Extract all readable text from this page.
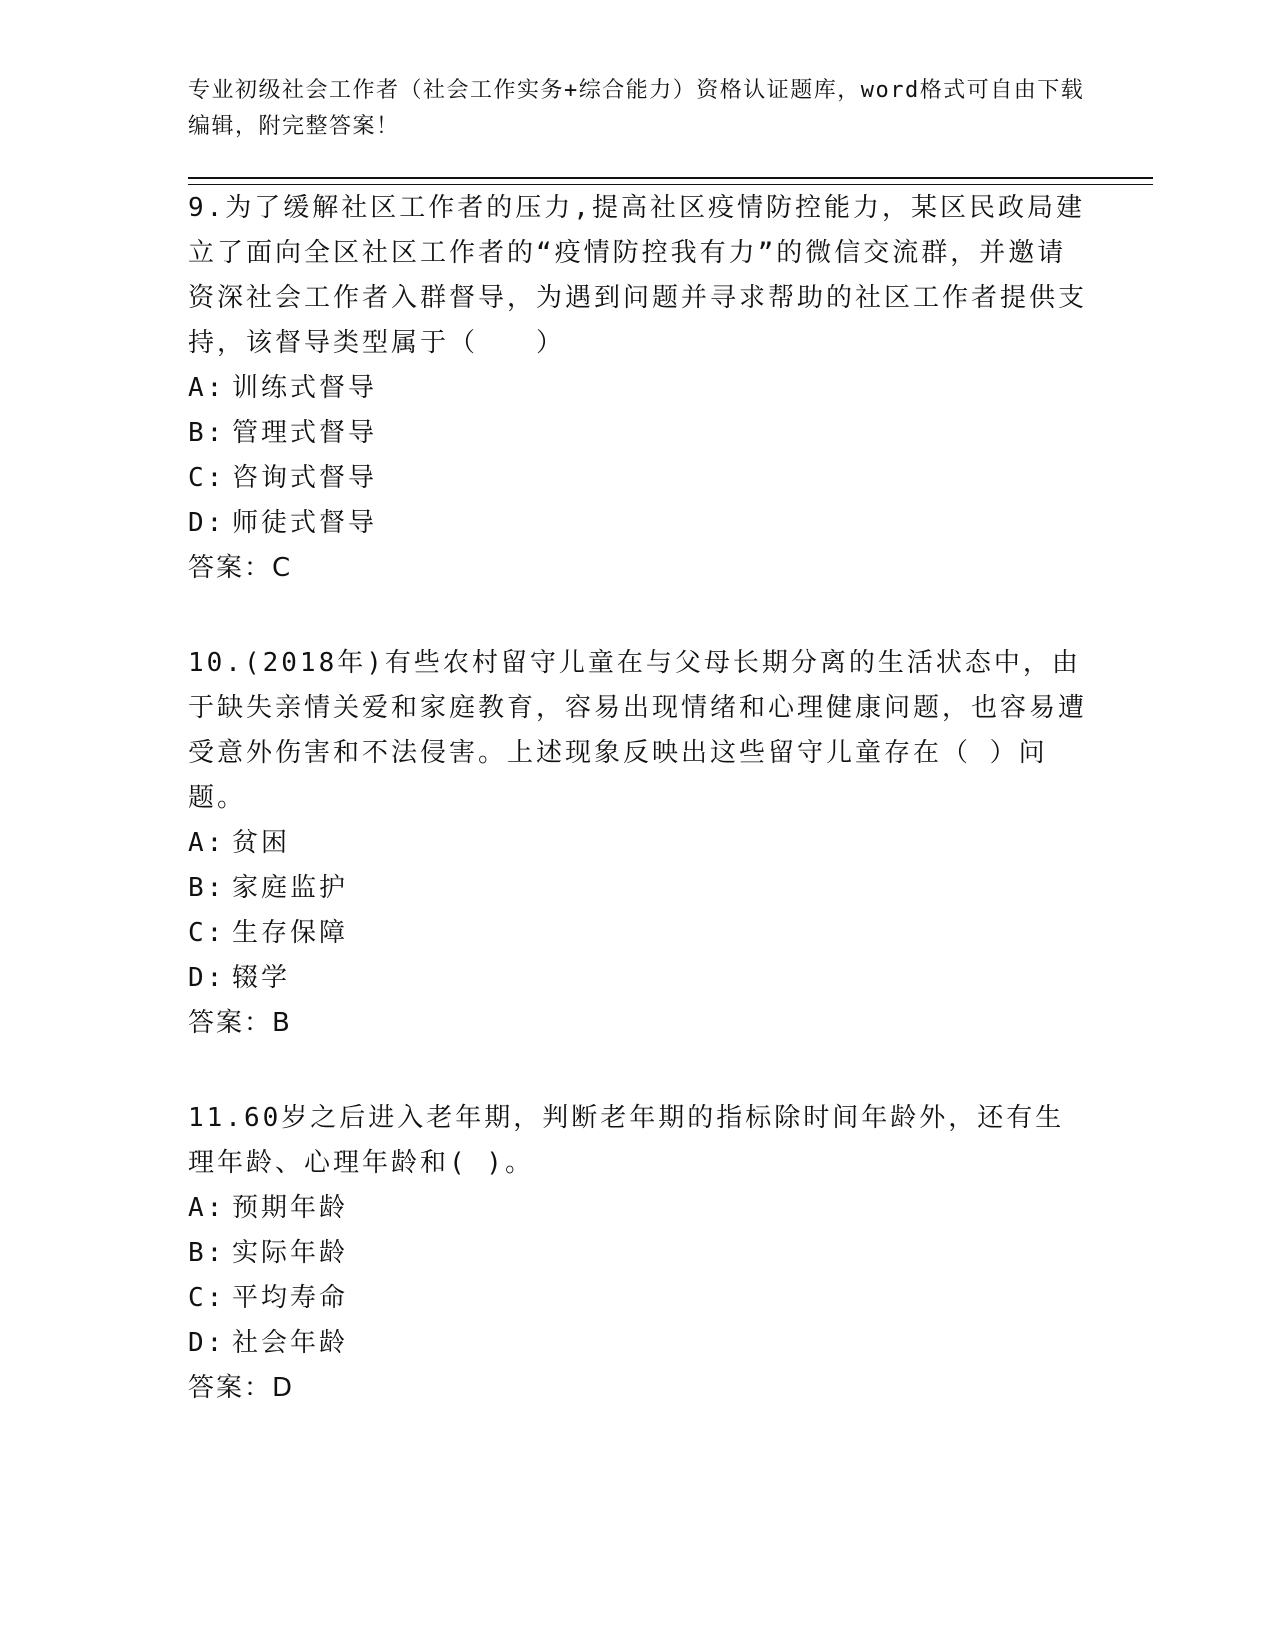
专业初级社会工作者（社会工作实务+综合能力）资格认证题库，word格式可自由下载编辑，附完整答案！

9.为了缓解社区工作者的压力,提高社区疫情防控能力，某区民政局建立了面向全区社区工作者的“疫情防控我有力”的微信交流群，并邀请资深社会工作者入群督导，为遇到问题并寻求帮助的社区工作者提供支持，该督导类型属于（　　）

A: 训练式督导
B: 管理式督导
C: 咨询式督导
D: 师徒式督导
答案：C

10.(2018年)有些农村留守儿童在与父母长期分离的生活状态中，由于缺失亲情关爱和家庭教育，容易出现情绪和心理健康问题，也容易遭受意外伤害和不法侵害。上述现象反映出这些留守儿童存在（ ）问题。

A: 贫困
B: 家庭监护
C: 生存保障
D: 辍学
答案：B

11.60岁之后进入老年期，判断老年期的指标除时间年龄外，还有生理年龄、心理年龄和( )。

A: 预期年龄
B: 实际年龄
C: 平均寿命
D: 社会年龄
答案：D
